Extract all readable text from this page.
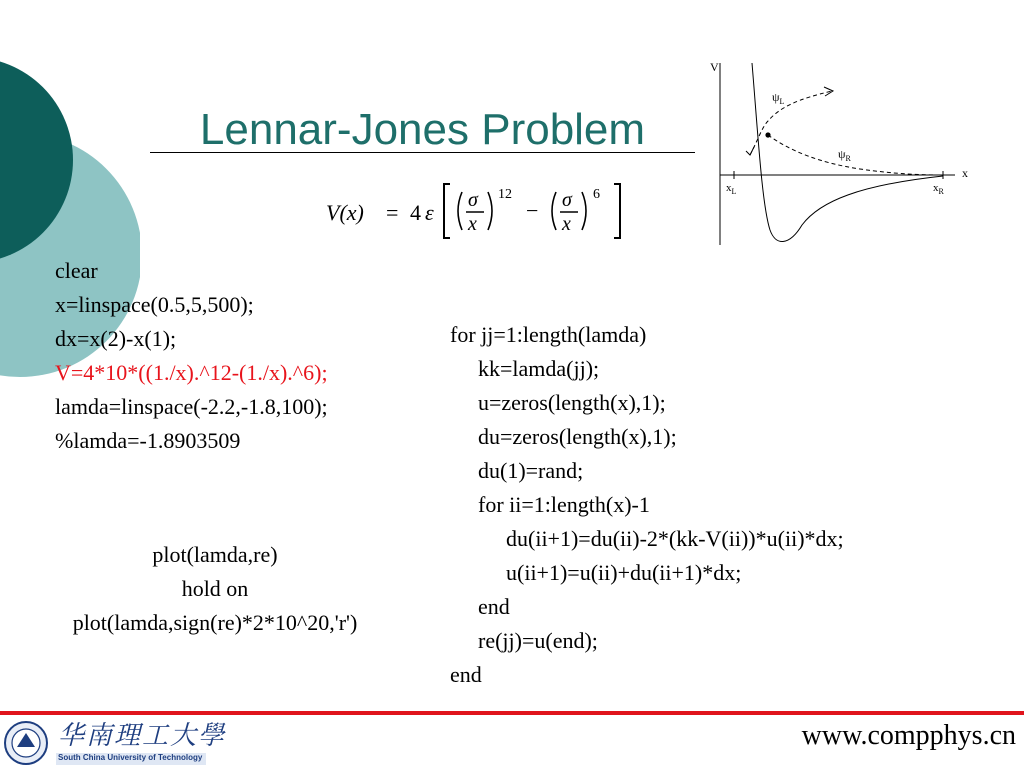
Lennar-Jones Problem
V(x) = 4 ε σ
x
12
− σ
x
6
V
x
$x_L$	$x_R$
$\psi_L$
$\psi_R$
clear
x=linspace(0.5,5,500);
dx=x(2)-x(1);
V=4*10*((1./x).^12-(1./x).^6);
lamda=linspace(-2.2,-1.8,100);
%lamda=-1.8903509
plot(lamda,re)
hold on
plot(lamda,sign(re)*2*10^20,'r')
for jj=1:length(lamda)
kk=lamda(jj);
u=zeros(length(x),1);
du=zeros(length(x),1);
du(1)=rand;
for ii=1:length(x)-1
du(ii+1)=du(ii)-2*(kk-V(ii))*u(ii)*dx;
u(ii+1)=u(ii)+du(ii+1)*dx;
end
re(jj)=u(end);
end
华南理工大學
South China University of Technology
www.compphys.cn
